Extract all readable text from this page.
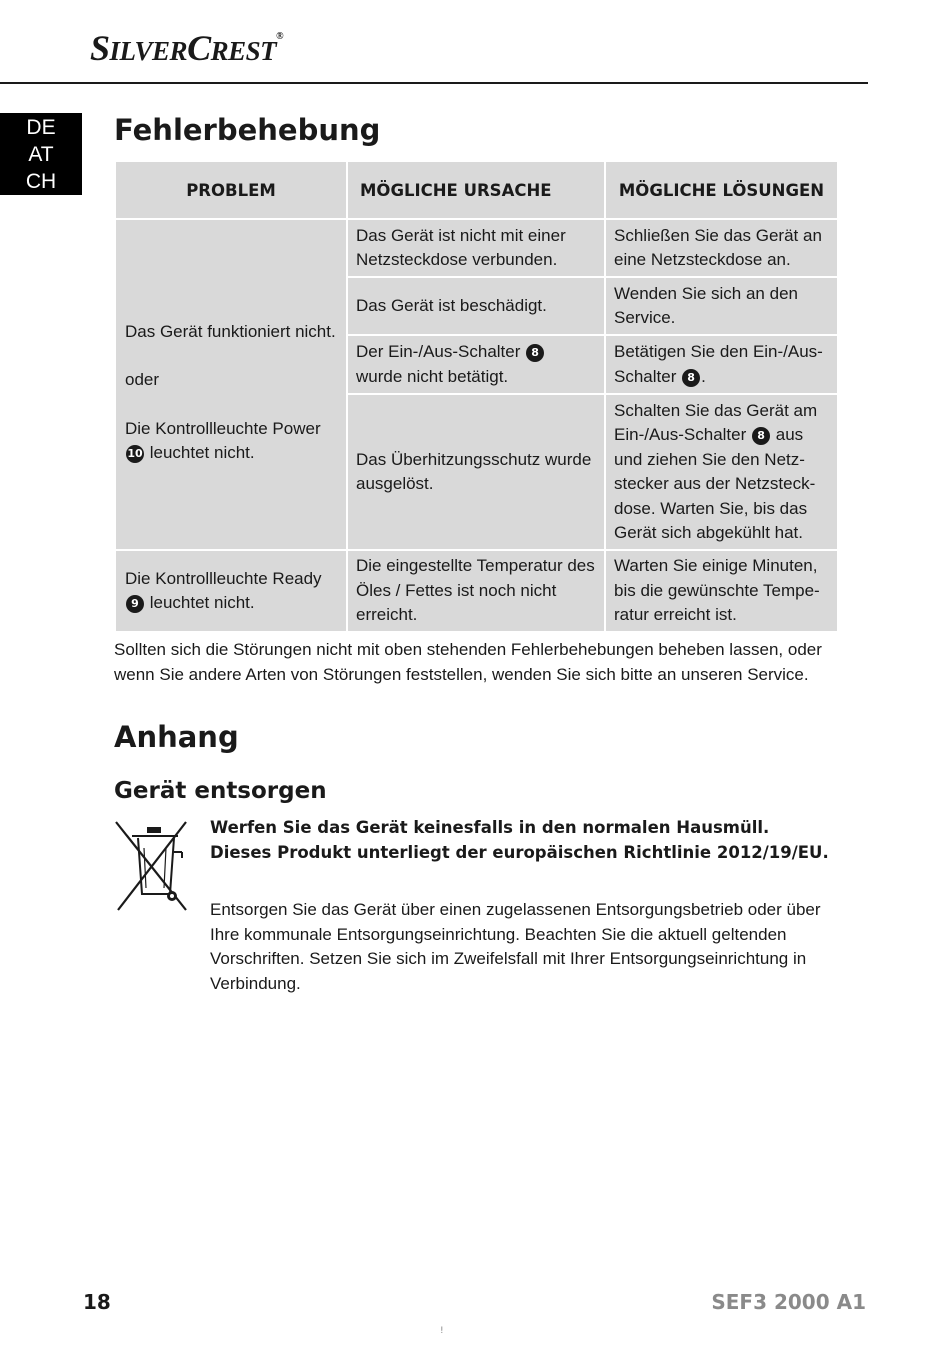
SILVERCREST®
DE
AT
CH
Fehlerbehebung
PROBLEM	MÖGLICHE URSACHE	MÖGLICHE LÖSUNGEN

Das Gerät funktioniert nicht.
oder
Die Kontrollleuchte Power 10 leuchtet nicht.	Das Gerät ist nicht mit einer Netzsteckdose verbunden.	Schließen Sie das Gerät an eine Netzsteckdose an.
	Das Gerät ist beschädigt.	Wenden Sie sich an den Service.
	Der Ein-/Aus-Schalter 8 wurde nicht betätigt.	Betätigen Sie den Ein-/Aus-Schalter 8 .
	Das Überhitzungsschutz wurde ausgelöst.	Schalten Sie das Gerät am Ein-/Aus-Schalter 8 aus und ziehen Sie den Netzstecker aus der Netzsteckdose. Warten Sie, bis das Gerät sich abgekühlt hat.
Die Kontrollleuchte Ready 9 leuchtet nicht.	Die eingestellte Temperatur des Öles / Fettes ist noch nicht erreicht.	Warten Sie einige Minuten, bis die gewünschte Temperatur erreicht ist.

Sollten sich die Störungen nicht mit oben stehenden Fehlerbehebungen beheben lassen, oder wenn Sie andere Arten von Störungen feststellen, wenden Sie sich bitte an unseren Service.

Anhang
Gerät entsorgen

Werfen Sie das Gerät keinesfalls in den normalen Hausmüll. Dieses Produkt unterliegt der europäischen Richtlinie 2012/19/EU.

Entsorgen Sie das Gerät über einen zugelassenen Entsorgungsbetrieb oder über Ihre kommunale Entsorgungseinrichtung. Beachten Sie die aktuell geltenden Vorschriften. Setzen Sie sich im Zweifelsfall mit Ihrer Entsorgungseinrichtung in Verbindung.

18	SEF3 2000 A1
!
